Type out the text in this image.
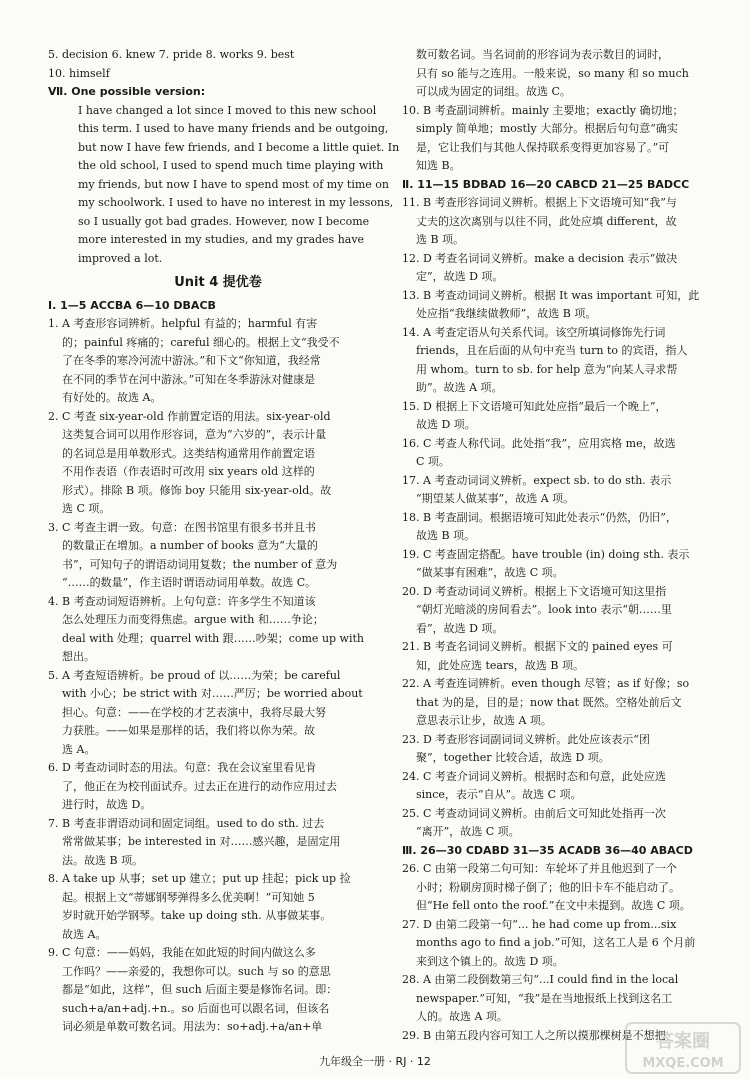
5. decision 6. knew 7. pride 8. works 9. best
10. himself
Ⅶ. One possible version:
I have changed a lot since I moved to this new school
this term. I used to have many friends and be outgoing,
but now I have few friends, and I become a little quiet. In
the old school, I used to spend much time playing with
my friends, but now I have to spend most of my time on
my schoolwork. I used to have no interest in my lessons,
so I usually got bad grades. However, now I become
more interested in my studies, and my grades have
improved a lot.
Unit 4 提优卷
Ⅰ. 1—5 ACCBA 6—10 DBACB
1. A 考查形容词辨析。helpful 有益的；harmful 有害
的；painful 疼痛的；careful 细心的。根据上文“我受不
了在冬季的寒冷河流中游泳。”和下文“你知道，我经常
在不同的季节在河中游泳。”可知在冬季游泳对健康是
有好处的。故选 A。
2. C 考查 six-year-old 作前置定语的用法。six-year-old
这类复合词可以用作形容词，意为“六岁的”，表示计量
的名词总是用单数形式。这类结构通常用作前置定语
不用作表语（作表语时可改用 six years old 这样的
形式）。排除 B 项。修饰 boy 只能用 six-year-old。故
选 C 项。
3. C 考查主谓一致。句意：在图书馆里有很多书并且书
的数量正在增加。a number of books 意为“大量的
书”，可知句子的谓语动词用复数；the number of 意为
“……的数量”，作主语时谓语动词用单数。故选 C。
4. B 考查动词短语辨析。上句句意：许多学生不知道该
怎么处理压力而变得焦虑。argue with 和……争论；
deal with 处理；quarrel with 跟……吵架；come up with
想出。
5. A 考查短语辨析。be proud of 以……为荣；be careful
with 小心；be strict with 对……严厉；be worried about
担心。句意：——在学校的才艺表演中，我将尽最大努
力获胜。——如果是那样的话，我们将以你为荣。故
选 A。
6. D 考查动词时态的用法。句意：我在会议室里看见肯
了，他正在为校刊面试乔。过去正在进行的动作应用过去
进行时，故选 D。
7. B 考查非谓语动词和固定词组。used to do sth. 过去
常常做某事；be interested in 对……感兴趣，是固定用
法。故选 B 项。
8. A take up 从事；set up 建立；put up 挂起；pick up 捡
起。根据上文“蒂娜钢琴弹得多么优美啊！”可知她 5
岁时就开始学钢琴。take up doing sth. 从事做某事。
故选 A。
9. C 句意：——妈妈，我能在如此短的时间内做这么多
工作吗？——亲爱的，我想你可以。such 与 so 的意思
都是“如此，这样”，但 such 后面主要是修饰名词。即：
such+a/an+adj.+n.。so 后面也可以跟名词，但该名
词必须是单数可数名词。用法为：so+adj.+a/an+单
数可数名词。当名词前的形容词为表示数目的词时，
只有 so 能与之连用。一般来说，so many 和 so much
可以成为固定的词组。故选 C。
10. B 考查副词辨析。mainly 主要地；exactly 确切地；
simply 简单地；mostly 大部分。根据后句句意“确实
是，它让我们与其他人保持联系变得更加容易了。”可
知选 B。
Ⅱ. 11—15 BDBAD 16—20 CABCD 21—25 BADCC
11. B 考查形容词词义辨析。根据上下文语境可知“我”与
丈夫的这次离别与以往不同，此处应填 different，故
选 B 项。
12. D 考查名词词义辨析。make a decision 表示“做决
定”，故选 D 项。
13. B 考查动词词义辨析。根据 It was important 可知，此
处应指“我继续做教师”，故选 B 项。
14. A 考查定语从句关系代词。该空所填词修饰先行词
friends，且在后面的从句中充当 turn to 的宾语，指人
用 whom。turn to sb. for help 意为“向某人寻求帮
助”。故选 A 项。
15. D 根据上下文语境可知此处应指“最后一个晚上”，
故选 D 项。
16. C 考查人称代词。此处指“我”，应用宾格 me，故选
C 项。
17. A 考查动词词义辨析。expect sb. to do sth. 表示
“期望某人做某事”，故选 A 项。
18. B 考查副词。根据语境可知此处表示“仍然，仍旧”，
故选 B 项。
19. C 考查固定搭配。have trouble (in) doing sth. 表示
“做某事有困难”，故选 C 项。
20. D 考查动词词义辨析。根据上下文语境可知这里指
“朝灯光暗淡的房间看去”。look into 表示“朝……里
看”，故选 D 项。
21. B 考查名词词义辨析。根据下文的 pained eyes 可
知，此处应选 tears，故选 B 项。
22. A 考查连词辨析。even though 尽管；as if 好像；so
that 为的是，目的是；now that 既然。空格处前后文
意思表示让步，故选 A 项。
23. D 考查形容词副词词义辨析。此处应该表示“团
聚”，together 比较合适，故选 D 项。
24. C 考查介词词义辨析。根据时态和句意，此处应选
since，表示“自从”。故选 C 项。
25. C 考查动词词义辨析。由前后文可知此处指再一次
“离开”，故选 C 项。
Ⅲ. 26—30 CDABD 31—35 ACADB 36—40 ABACD
26. C 由第一段第二句可知：车轮坏了并且他迟到了一个
小时；粉刷房顶时梯子倒了；他的旧卡车不能启动了。
但“He fell onto the roof.”在文中未提到。故选 C 项。
27. D 由第二段第一句“... he had come up from...six
months ago to find a job.”可知，这名工人是 6 个月前
来到这个镇上的。故选 D 项。
28. A 由第二段倒数第三句“...I could find in the local
newspaper.”可知，“我”是在当地报纸上找到这名工
人的。故选 A 项。
29. B 由第五段内容可知工人之所以摸那棵树是不想把
九年级全一册 · RJ · 12
答案圈
MXQE.COM
